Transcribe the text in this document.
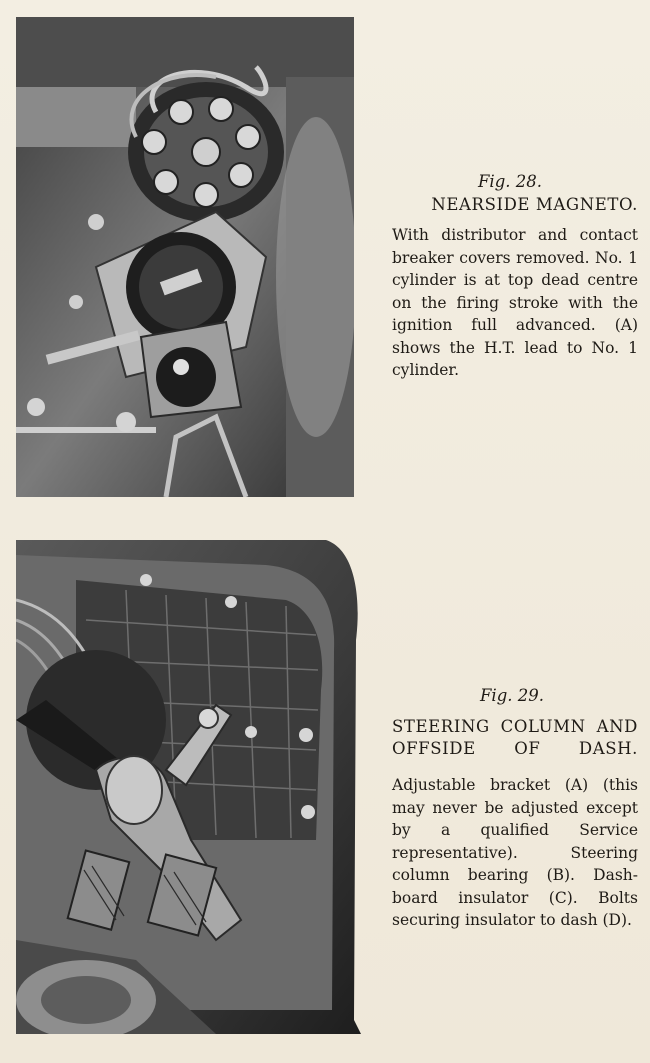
Fig. 28.
NEARSIDE MAGNETO.
With distributor and contact breaker covers removed. No. 1 cylinder is at top dead centre on the firing stroke with the ignition full advanced. (A) shows the H.T. lead to No. 1 cylinder.
Fig. 29.
STEERING COLUMN AND
OFFSIDE OF DASH.
Adjustable bracket (A) (this may never be adjusted except by a qualified Service representative). Steering column bearing (B). Dash-board insulator (C). Bolts securing insulator to dash (D).
